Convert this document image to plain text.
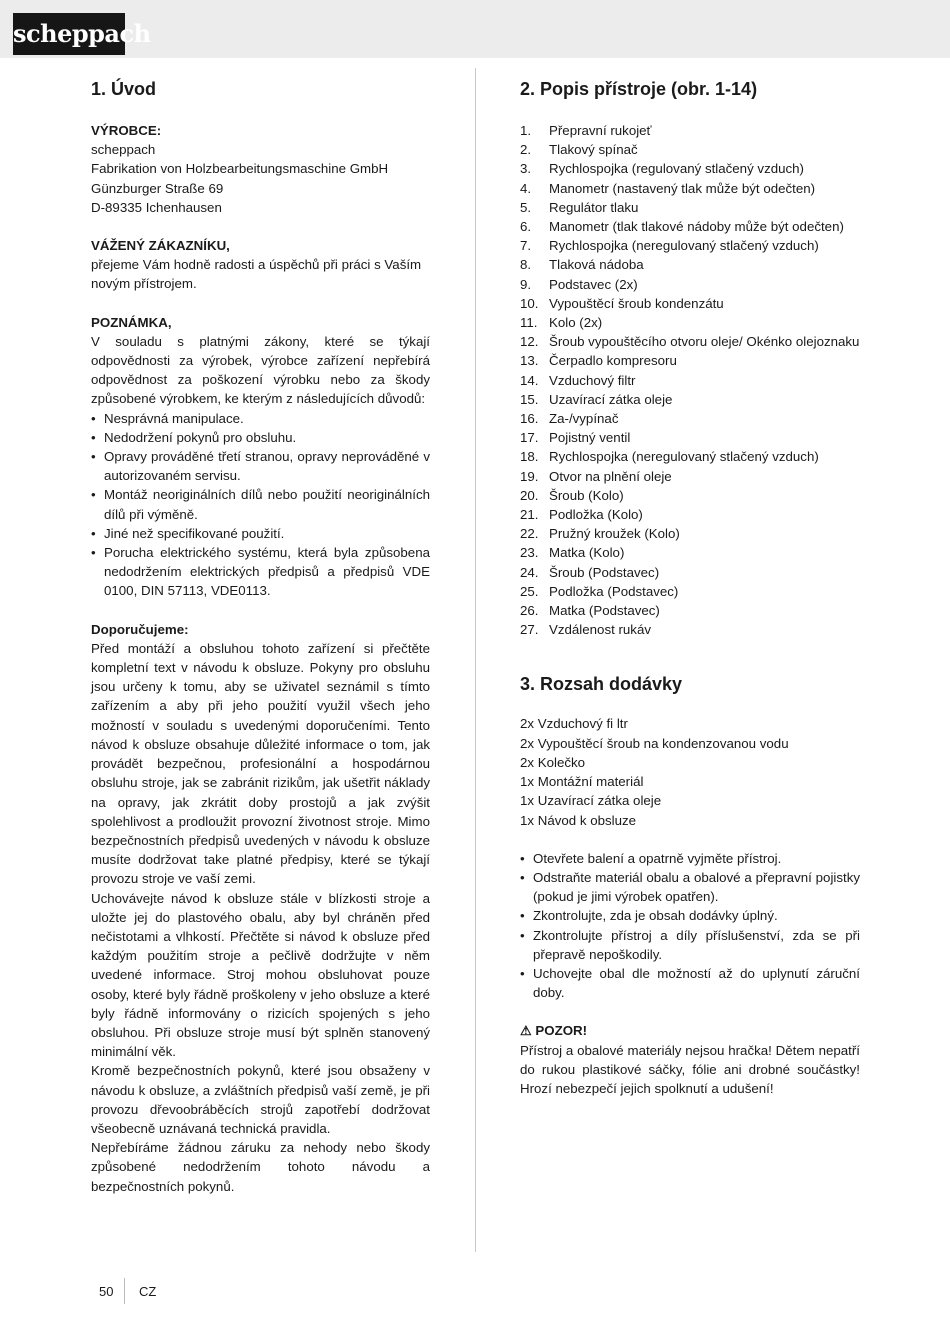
scheppach
1. Úvod
VÝROBCE:
scheppach
Fabrikation von Holzbearbeitungsmaschine GmbH
Günzburger Straße 69
D-89335 Ichenhausen
VÁŽENÝ ZÁKAZNÍKU,
přejeme Vám hodně radosti a úspěchů při práci s Vaším novým přístrojem.
POZNÁMKA,
V souladu s platnými zákony, které se týkají odpovědnosti za výrobek, výrobce zařízení nepřebírá odpovědnost za poškození výrobku nebo za škody způsobené výrobkem, ke kterým z následujících důvodů:
• Nesprávná manipulace.
• Nedodržení pokynů pro obsluhu.
• Opravy prováděné třetí stranou, opravy neprováděné v autorizovaném servisu.
• Montáž neoriginálních dílů nebo použití neoriginálních dílů při výměně.
• Jiné než specifikované použití.
• Porucha elektrického systému, která byla způsobena nedodržením elektrických předpisů a předpisů VDE 0100, DIN 57113, VDE0113.
Doporučujeme:
Před montáží a obsluhou tohoto zařízení si přečtěte kompletní text v návodu k obsluze. Pokyny pro obsluhu jsou určeny k tomu, aby se uživatel seznámil s tímto zařízením a aby při jeho použití využil všech jeho možností v souladu s uvedenými doporučeními. Tento návod k obsluze obsahuje důležité informace o tom, jak provádět bezpečnou, profesionální a hospodárnou obsluhu stroje, jak se zabránit rizikům, jak ušetřit náklady na opravy, jak zkrátit doby prostojů a jak zvýšit spolehlivost a prodloužit provozní životnost stroje. Mimo bezpečnostních předpisů uvedených v návodu k obsluze musíte dodržovat take platné předpisy, které se týkají provozu stroje ve vaší zemi.
Uchovávejte návod k obsluze stále v blízkosti stroje a uložte jej do plastového obalu, aby byl chráněn před nečistotami a vlhkostí. Přečtěte si návod k obsluze před každým použitím stroje a pečlivě dodržujte v něm uvedené informace. Stroj mohou obsluhovat pouze osoby, které byly řádně proškoleny v jeho obsluze a které byly řádně informovány o rizicích spojených s jeho obsluhou. Při obsluze stroje musí být splněn stanovený minimální věk.
Kromě bezpečnostních pokynů, které jsou obsaženy v návodu k obsluze, a zvláštních předpisů vaší země, je při provozu dřevoobráběcích strojů zapotřebí dodržovat všeobecně uznávaná technická pravidla.
Nepřebíráme žádnou záruku za nehody nebo škody způsobené nedodržením tohoto návodu a bezpečnostních pokynů.
2. Popis přístroje (obr. 1-14)
1.	Přepravní rukojeť
2.	Tlakový spínač
3.	Rychlospojka (regulovaný stlačený vzduch)
4.	Manometr (nastavený tlak může být odečten)
5.	Regulátor tlaku
6.	Manometr (tlak tlakové nádoby může být odečten)
7.	Rychlospojka (neregulovaný stlačený vzduch)
8.	Tlaková nádoba
9.	Podstavec (2x)
10. Vypouštěcí šroub kondenzátu
11. Kolo (2x)
12. Šroub vypouštěcího otvoru oleje/ Okénko olejoznaku
13. Čerpadlo kompresoru
14. Vzduchový filtr
15. Uzavírací zátka oleje
16. Za-/vypínač
17. Pojistný ventil
18. Rychlospojka (neregulovaný stlačený vzduch)
19. Otvor na plnění oleje
20. Šroub (Kolo)
21. Podložka (Kolo)
22. Pružný kroužek (Kolo)
23. Matka (Kolo)
24. Šroub (Podstavec)
25. Podložka (Podstavec)
26. Matka (Podstavec)
27. Vzdálenost rukáv
3. Rozsah dodávky
2x Vzduchový fi ltr
2x Vypouštěcí šroub na kondenzovanou vodu
2x Kolečko
1x Montážní materiál
1x Uzavírací zátka oleje
1x Návod k obsluze
• Otevřete balení a opatrně vyjměte přístroj.
• Odstraňte materiál obalu a obalové a přepravní pojistky (pokud je jimi výrobek opatřen).
• Zkontrolujte, zda je obsah dodávky úplný.
• Zkontrolujte přístroj a díly příslušenství, zda se při přepravě nepoškodily.
• Uchovejte obal dle možností až do uplynutí záruční doby.
⚠ POZOR!
Přístroj a obalové materiály nejsou hračka! Dětem nepatří do rukou plastikové sáčky, fólie ani drobné součástky! Hrozí nebezpečí jejich spolknutí a udušení!
50 CZ
